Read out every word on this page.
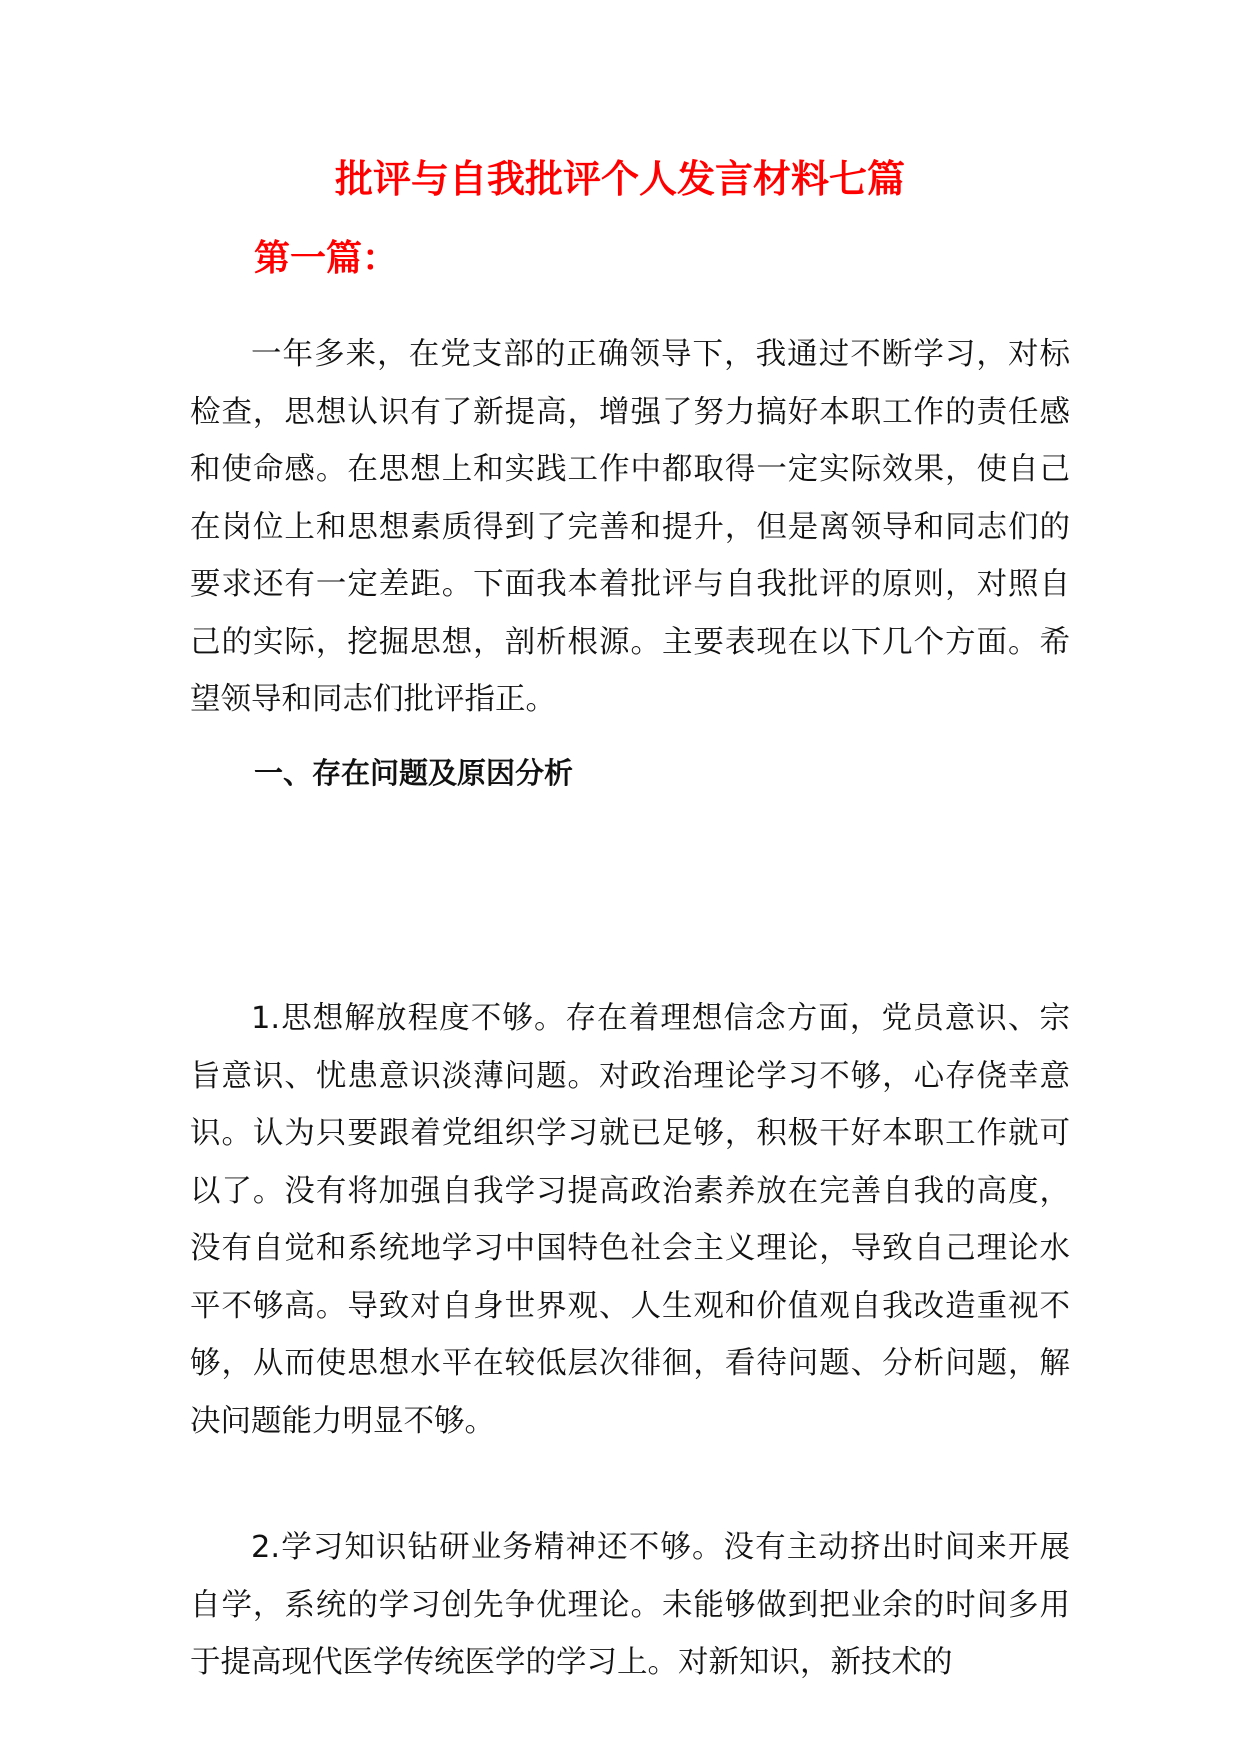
批评与自我批评个人发言材料七篇
第一篇：

一年多来，在党支部的正确领导下，我通过不断学习，对标检查，思想认识有了新提高，增强了努力搞好本职工作的责任感和使命感。在思想上和实践工作中都取得一定实际效果，使自己在岗位上和思想素质得到了完善和提升，但是离领导和同志们的要求还有一定差距。下面我本着批评与自我批评的原则，对照自己的实际，挖掘思想，剖析根源。主要表现在以下几个方面。希望领导和同志们批评指正。

一、存在问题及原因分析

1.思想解放程度不够。存在着理想信念方面，党员意识、宗旨意识、忧患意识淡薄问题。对政治理论学习不够，心存侥幸意识。认为只要跟着党组织学习就已足够，积极干好本职工作就可以了。没有将加强自我学习提高政治素养放在完善自我的高度，没有自觉和系统地学习中国特色社会主义理论，导致自己理论水平不够高。导致对自身世界观、人生观和价值观自我改造重视不够，从而使思想水平在较低层次徘徊，看待问题、分析问题，解决问题能力明显不够。

2.学习知识钻研业务精神还不够。没有主动挤出时间来开展自学，系统的学习创先争优理论。未能够做到把业余的时间多用于提高现代医学传统医学的学习上。对新知识，新技术的
